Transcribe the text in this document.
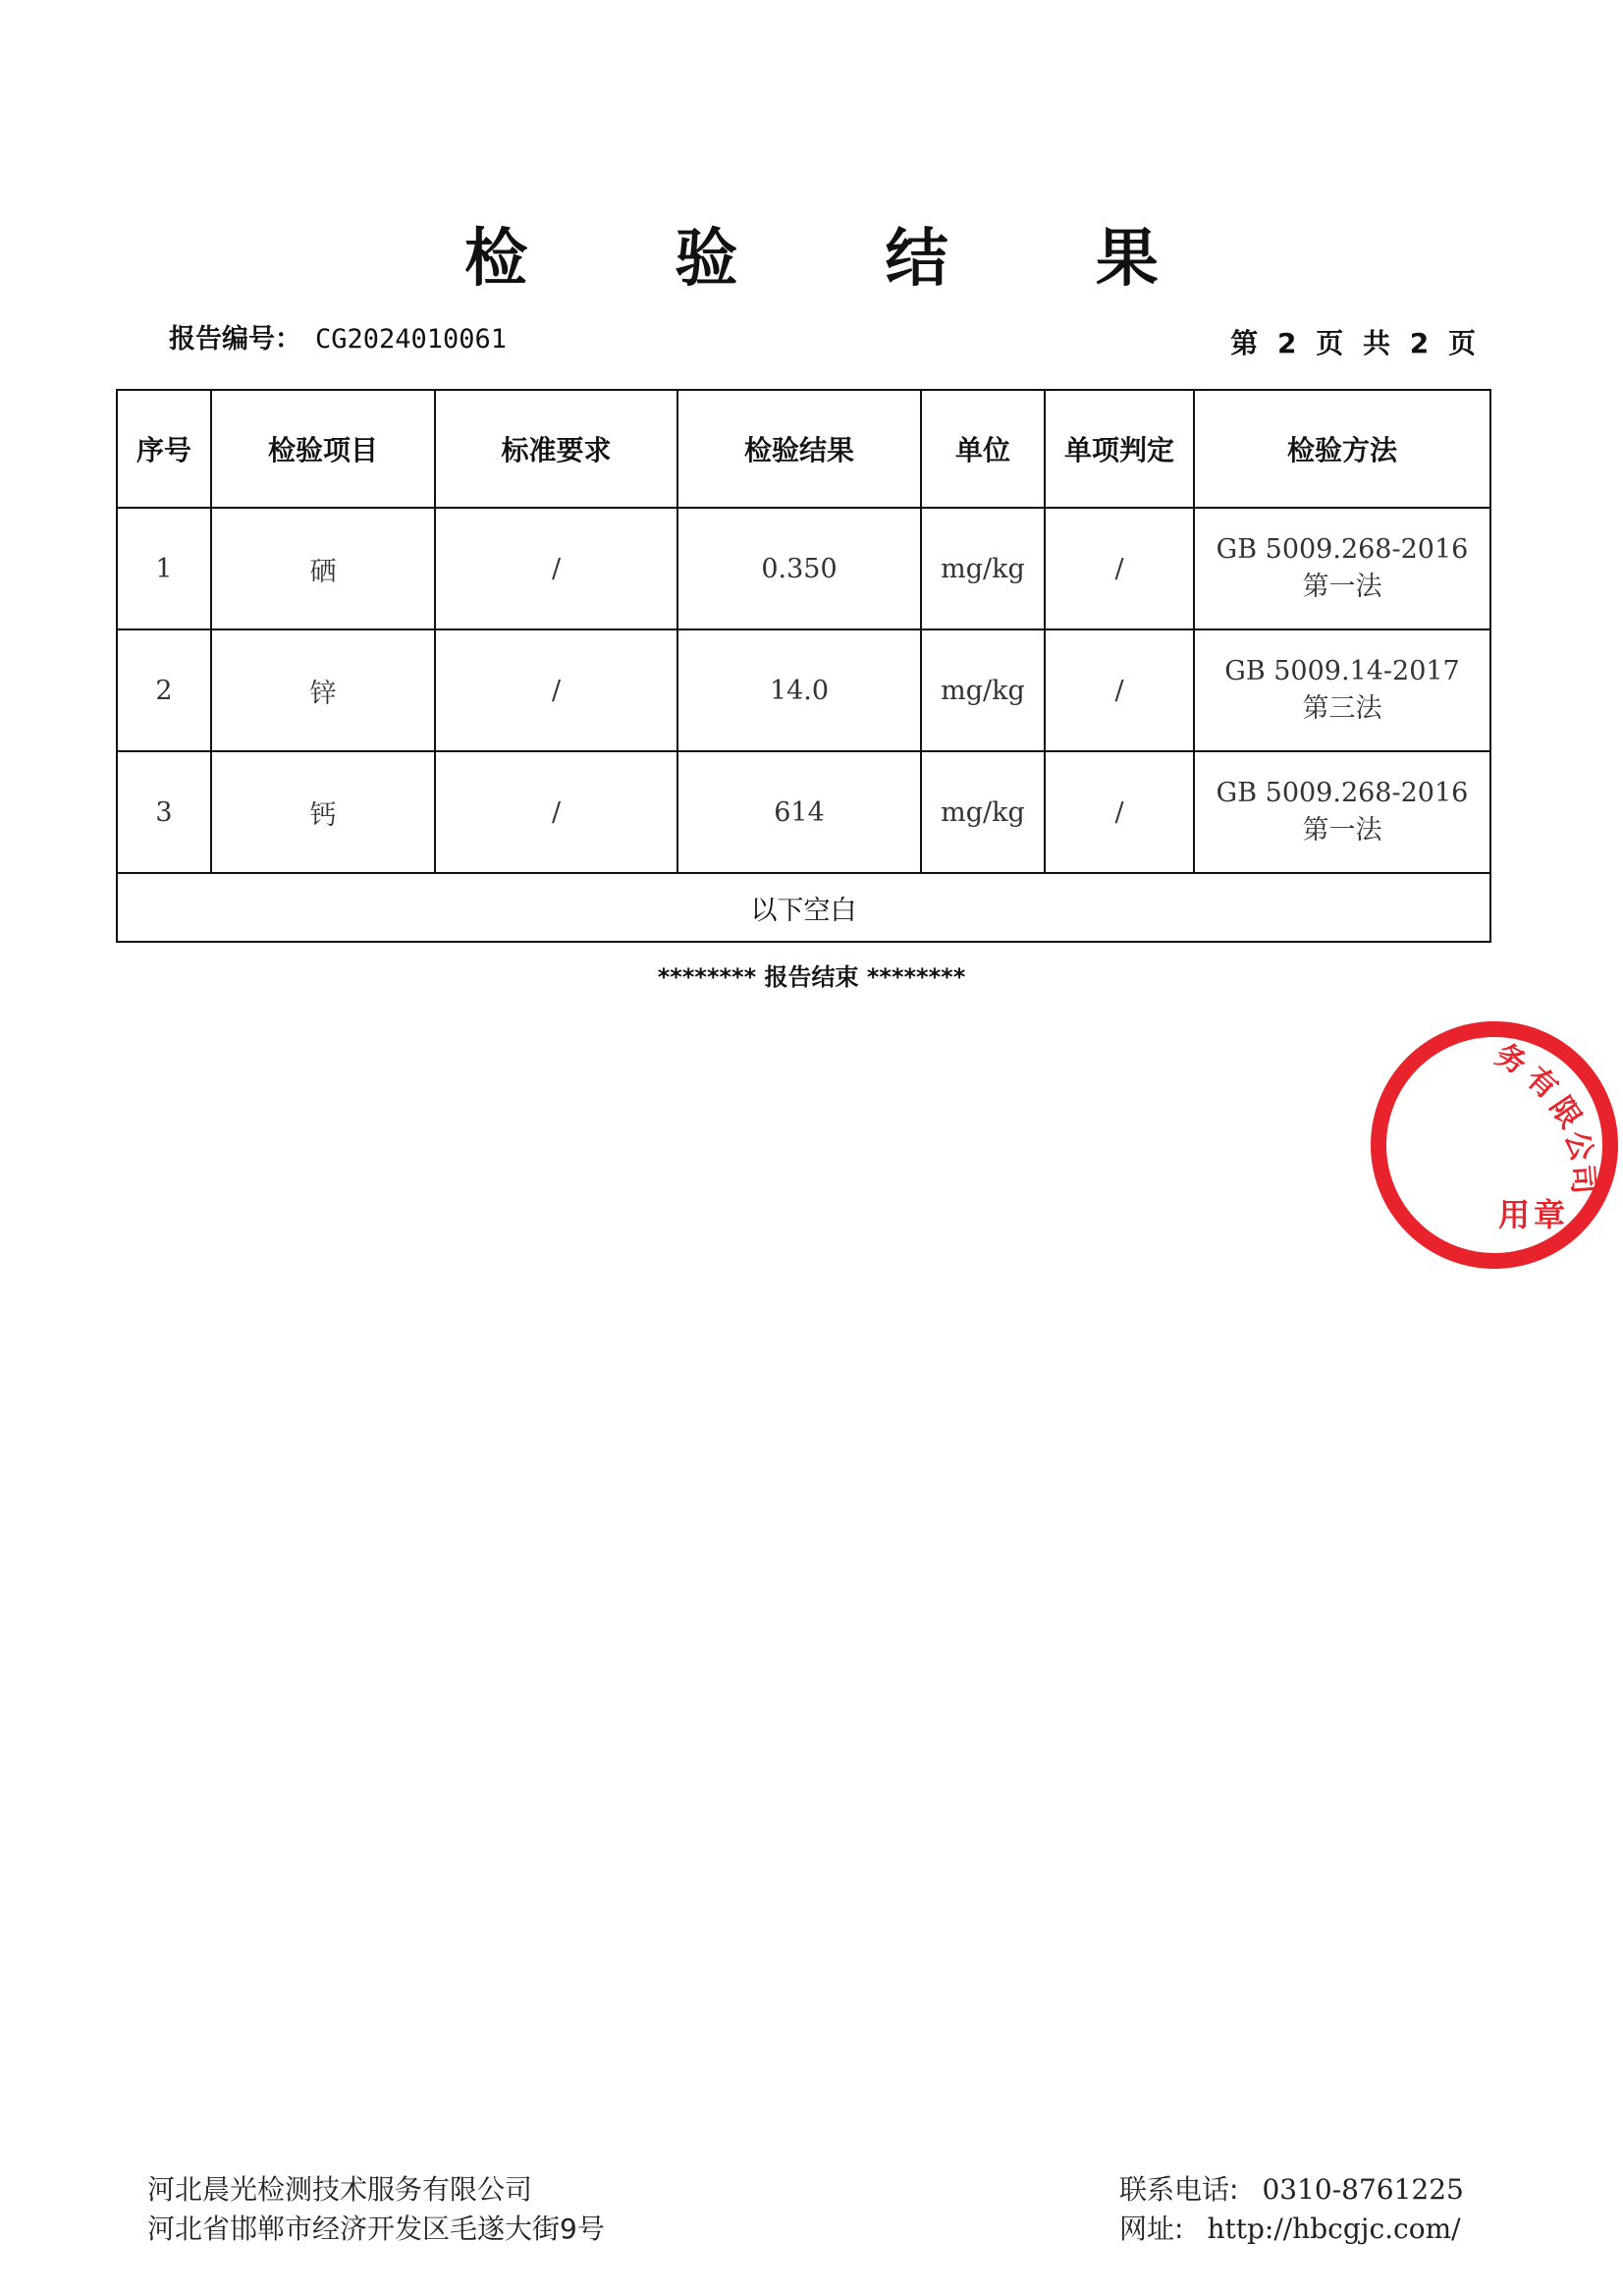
检 验 结 果
报告编号： CG2024010061	第 2 页 共 2 页
序号	检验项目	标准要求	检验结果	单位	单项判定	检验方法
1	硒	/	0.350	mg/kg	/	GB 5009.268-2016
第一法

2	锌	/	14.0	mg/kg	/	GB 5009.14-2017
第三法

3	钙	/	614	mg/kg	/	GB 5009.268-2016
第一法

以下空白						
******** 报告结束 ********
务
有
限
公
司
用 章
河北晨光检测技术服务有限公司
河北省邯郸市经济开发区毛遂大街9号
联系电话: 0310-8761225
网址: http://hbcgjc.com/
